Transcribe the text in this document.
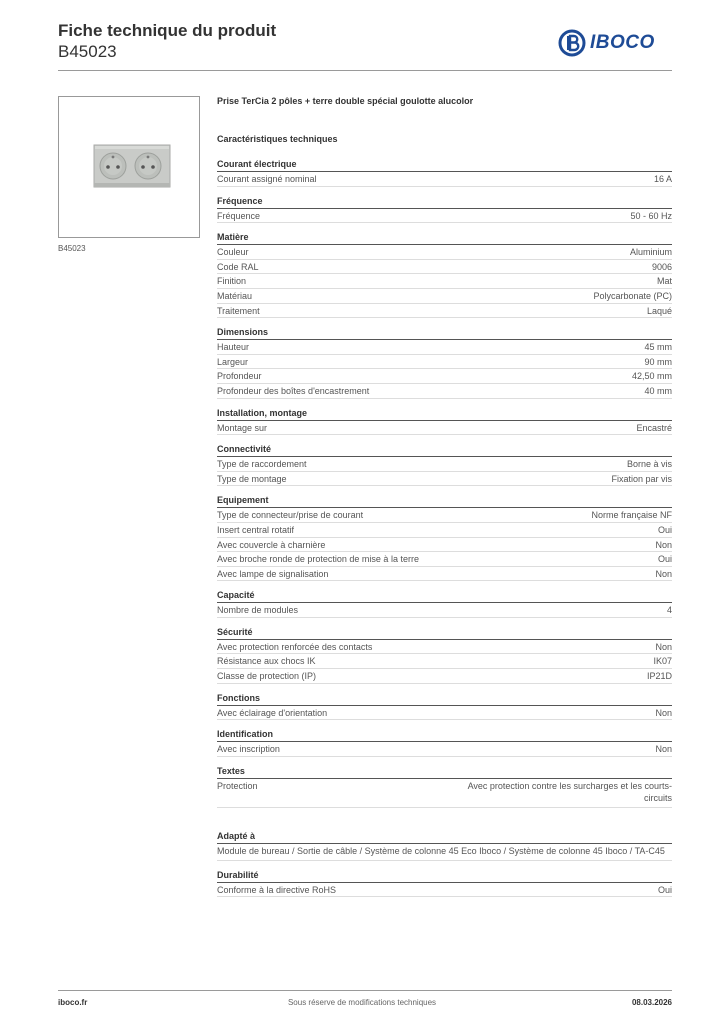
Fiche technique du produit
B45023	IBOCO
B45023
Prise TerCia 2 pôles + terre double spécial goulotte alucolor
Caractéristiques techniques
Courant électrique
Courant assigné nominal	16 A
Fréquence
Fréquence	50 - 60 Hz
Matière
Couleur	Aluminium
Code RAL	9006
Finition	Mat
Matériau	Polycarbonate (PC)
Traitement	Laqué
Dimensions
Hauteur	45 mm
Largeur	90 mm
Profondeur	42,50 mm
Profondeur des boîtes d'encastrement	40 mm
Installation, montage
Montage sur	Encastré
Connectivité
Type de raccordement	Borne à vis
Type de montage	Fixation par vis
Equipement
Type de connecteur/prise de courant	Norme française NF
Insert central rotatif	Oui
Avec couvercle à charnière	Non
Avec broche ronde de protection de mise à la terre	Oui
Avec lampe de signalisation	Non
Capacité
Nombre de modules	4
Sécurité
Avec protection renforcée des contacts	Non
Résistance aux chocs IK	IK07
Classe de protection (IP)	IP21D
Fonctions
Avec éclairage d'orientation	Non
Identification
Avec inscription	Non
Textes
Protection	Avec protection contre les surcharges et les courts-circuits
Adapté à
Module de bureau / Sortie de câble / Système de colonne 45 Eco Iboco / Système de colonne 45 Iboco / TA-C45
Durabilité
Conforme à la directive RoHS	Oui
iboco.fr	Sous réserve de modifications techniques	08.03.2026
